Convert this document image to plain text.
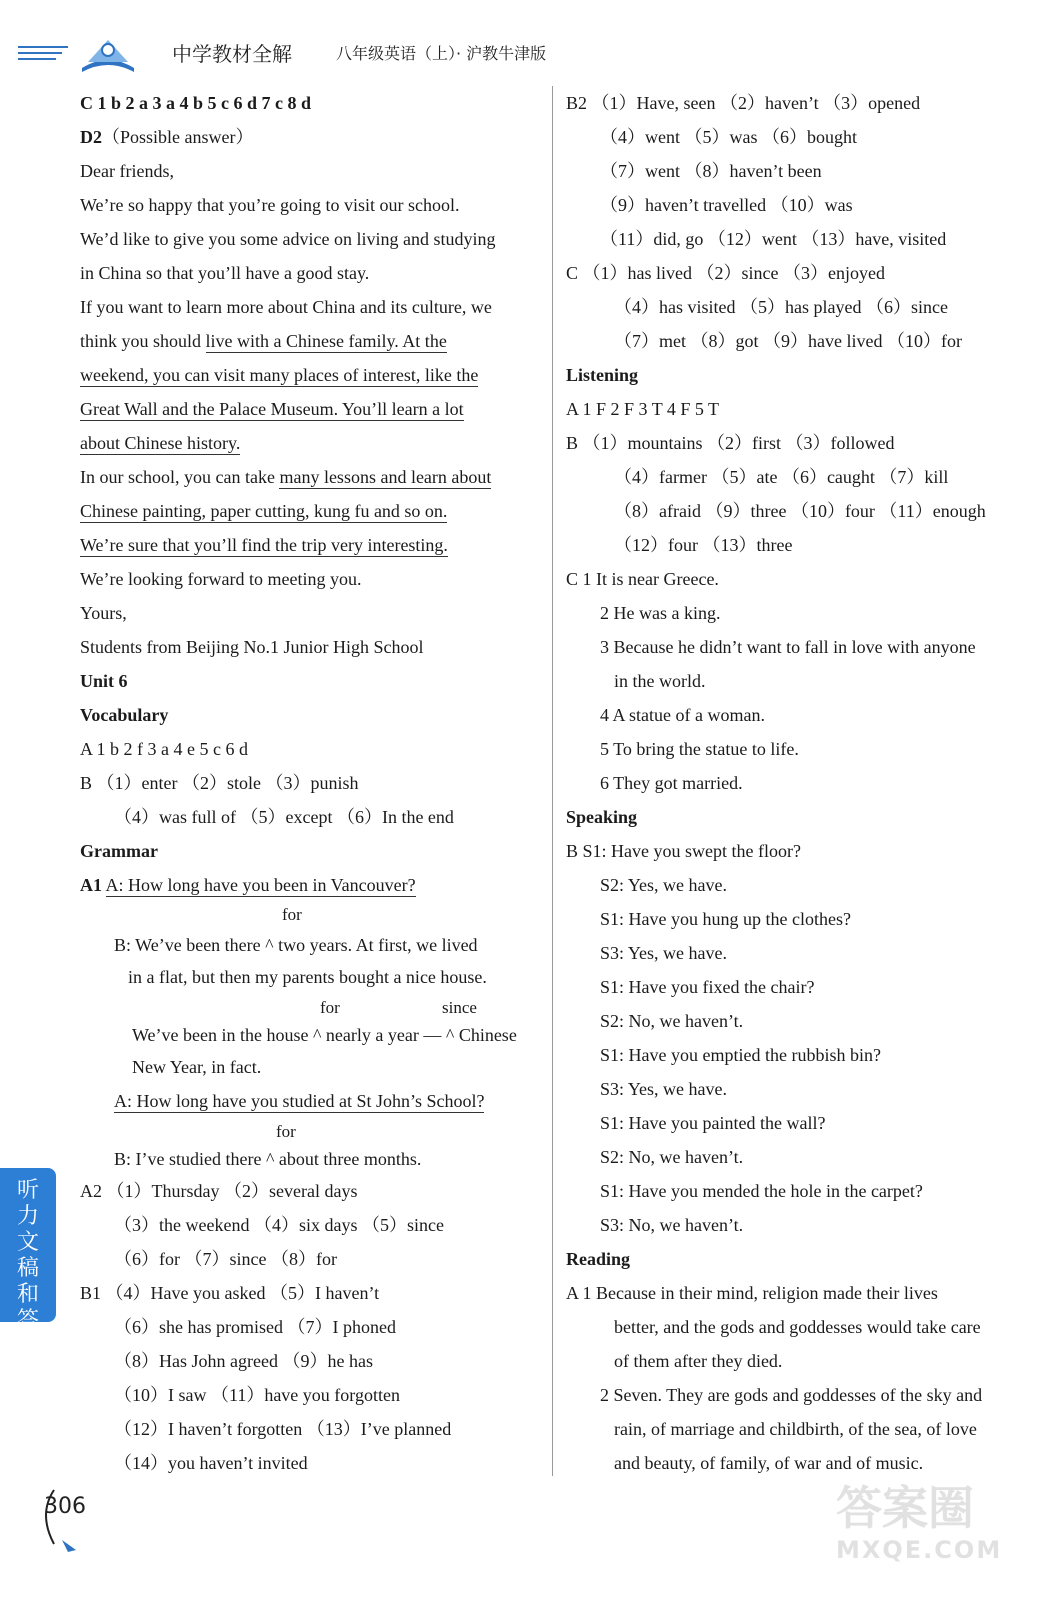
中学教材全解	八年级英语（上）· 沪教牛津版

C 1 b 2 a 3 a 4 b 5 c 6 d 7 c 8 d

D2（Possible answer）

Dear friends,

We’re so happy that you’re going to visit our school.

We’d like to give you some advice on living and studying

in China so that you’ll have a good stay.

If you want to learn more about China and its culture, we

think you should live with a Chinese family. At the

weekend, you can visit many places of interest, like the

Great Wall and the Palace Museum. You’ll learn a lot

about Chinese history.

In our school, you can take many lessons and learn about

Chinese painting, paper cutting, kung fu and so on.

We’re sure that you’ll find the trip very interesting.

We’re looking forward to meeting you.

Yours,

Students from Beijing No.1 Junior High School

Unit 6

Vocabulary

A 1 b 2 f 3 a 4 e 5 c 6 d

B （1）enter （2）stole （3）punish

（4）was full of （5）except （6）In the end

Grammar

A1 A: How long have you been in Vancouver?

for

B: We’ve been there ^ two years. At first, we lived

in a flat, but then my parents bought a nice house.

for	since

We’ve been in the house ^ nearly a year — ^ Chinese

New Year, in fact.

A: How long have you studied at St John’s School?

for

B: I’ve studied there ^ about three months.

A2 （1）Thursday （2）several days

（3）the weekend （4）six days （5）since

（6）for （7）since （8）for

B1 （4）Have you asked （5）I haven’t

（6）she has promised （7）I phoned

（8）Has John agreed （9）he has

（10）I saw （11）have you forgotten

（12）I haven’t forgotten （13）I’ve planned

（14）you haven’t invited

B2 （1）Have, seen （2）haven’t （3）opened

（4）went （5）was （6）bought

（7）went （8）haven’t been

（9）haven’t travelled （10）was

（11）did, go （12）went （13）have, visited

C （1）has lived （2）since （3）enjoyed

（4）has visited （5）has played （6）since

（7）met （8）got （9）have lived （10）for

Listening

A 1 F 2 F 3 T 4 F 5 T

B （1）mountains （2）first （3）followed

（4）farmer （5）ate （6）caught （7）kill

（8）afraid （9）three （10）four （11）enough

（12）four （13）three

C 1 It is near Greece.

2 He was a king.

3 Because he didn’t want to fall in love with anyone

in the world.

4 A statue of a woman.

5 To bring the statue to life.

6 They got married.

Speaking

B S1: Have you swept the floor?

S2: Yes, we have.

S1: Have you hung up the clothes?

S3: Yes, we have.

S1: Have you fixed the chair?

S2: No, we haven’t.

S1: Have you emptied the rubbish bin?

S3: Yes, we have.

S1: Have you painted the wall?

S2: No, we haven’t.

S1: Have you mended the hole in the carpet?

S3: No, we haven’t.

Reading

A 1 Because in their mind, religion made their lives

better, and the gods and goddesses would take care

of them after they died.

2 Seven. They are gods and goddesses of the sky and

rain, of marriage and childbirth, of the sea, of love

and beauty, of family, of war and of music.

听力文稿和答案
306	答案圈
MXQE.COM
